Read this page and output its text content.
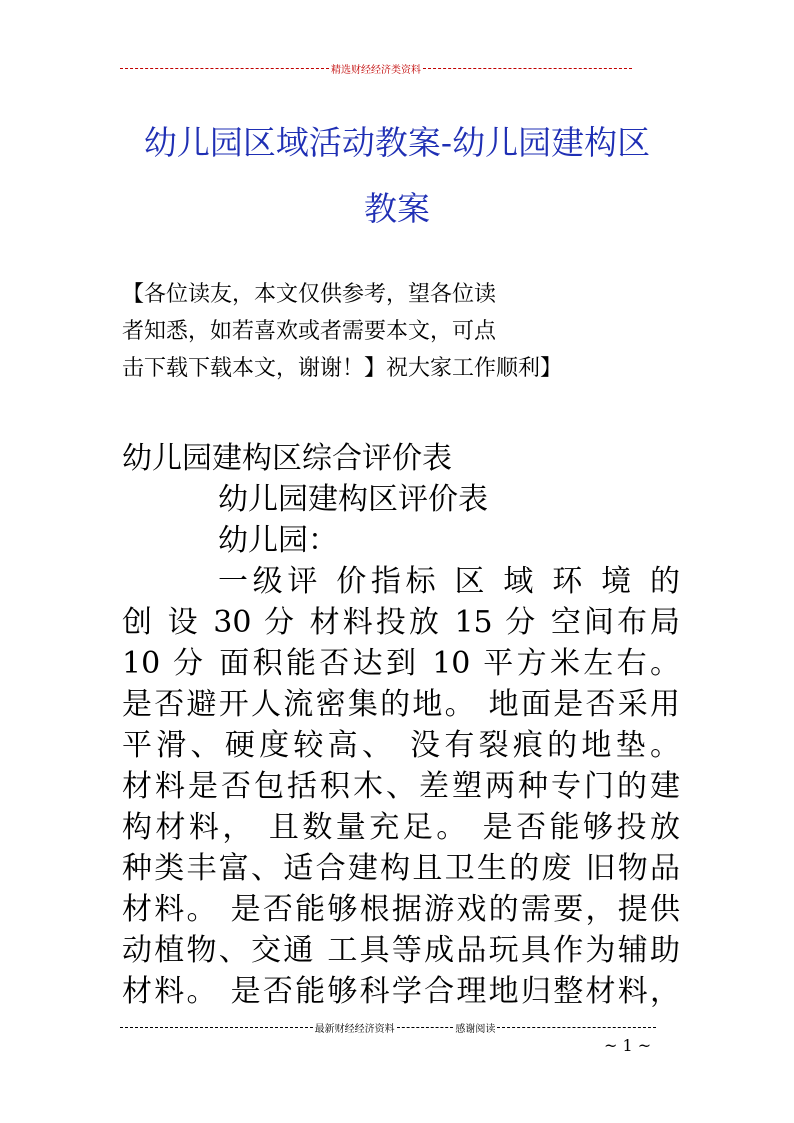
精选财经经济类资料
幼儿园区域活动教案-幼儿园建构区
教案
【各位读友，本文仅供参考，望各位读
者知悉，如若喜欢或者需要本文，可点
击下载下载本文，谢谢！】祝大家工作顺利】
幼儿园建构区综合评价表
幼儿园建构区评价表
幼儿园：
一级评 价指标 区 域 环 境 的
创 设 30 分 材料投放 15 分 空间布局
10 分 面积能否达到 10 平方米左右。
是否避开人流密集的地。 地面是否采用
平滑、硬度较高、 没有裂痕的地垫。
材料是否包括积木、差塑两种专门的建
构材料， 且数量充足。 是否能够投放
种类丰富、适合建构且卫生的废 旧物品
材料。 是否能够根据游戏的需要，提供
动植物、交通 工具等成品玩具作为辅助
材料。 是否能够科学合理地归整材料，
最新财经经济资料	感谢阅读
~ 1 ~
